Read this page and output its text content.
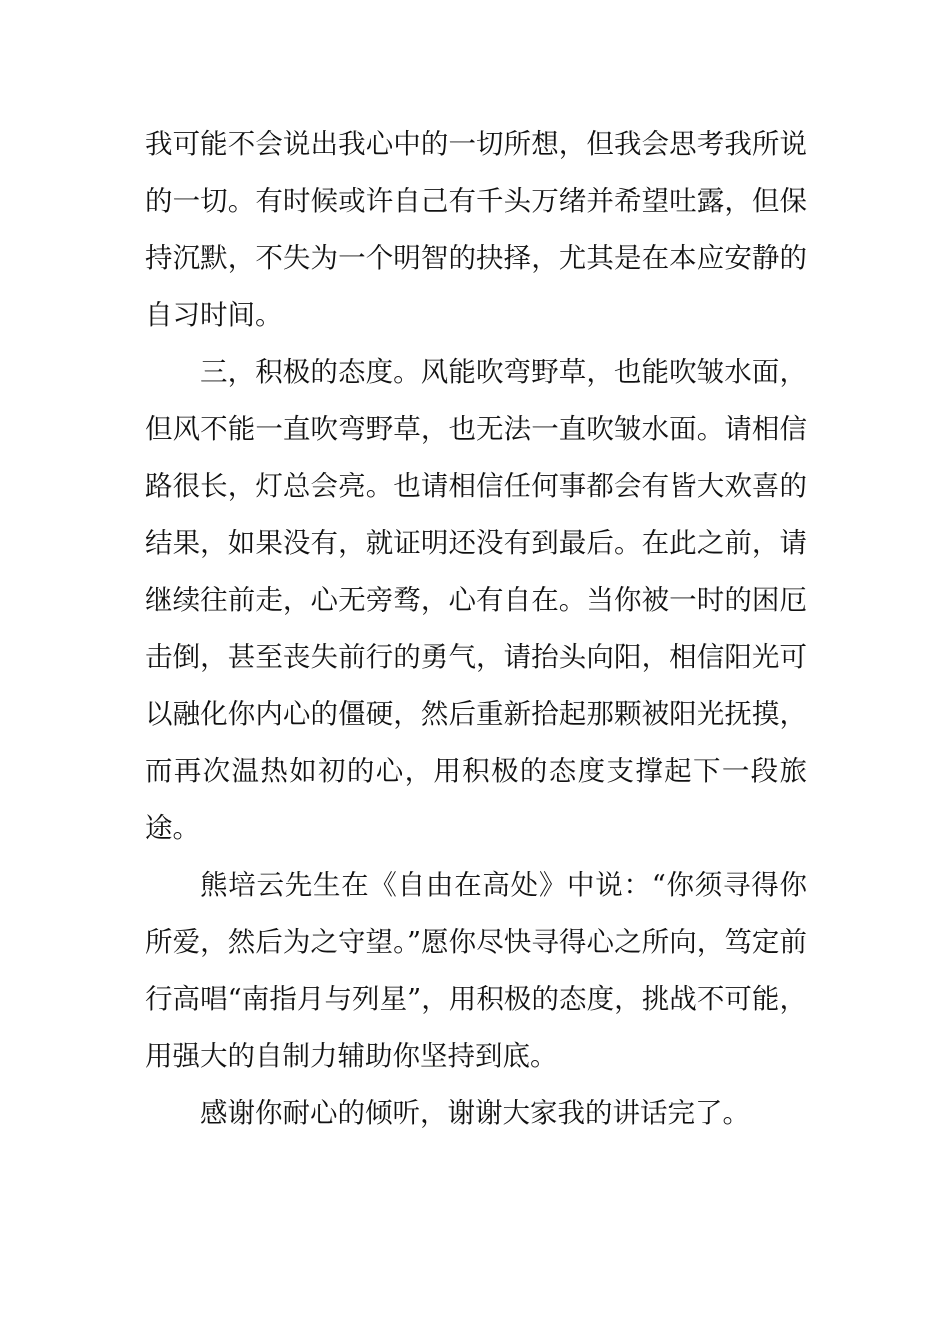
我可能不会说出我心中的一切所想，但我会思考我所说的一切。有时候或许自己有千头万绪并希望吐露，但保持沉默，不失为一个明智的抉择，尤其是在本应安静的自习时间。

三，积极的态度。风能吹弯野草，也能吹皱水面，但风不能一直吹弯野草，也无法一直吹皱水面。请相信路很长，灯总会亮。也请相信任何事都会有皆大欢喜的结果，如果没有，就证明还没有到最后。在此之前，请继续往前走，心无旁骛，心有自在。当你被一时的困厄击倒，甚至丧失前行的勇气，请抬头向阳，相信阳光可以融化你内心的僵硬，然后重新拾起那颗被阳光抚摸，而再次温热如初的心，用积极的态度支撑起下一段旅途。

熊培云先生在《自由在高处》中说：“你须寻得你所爱，然后为之守望。”愿你尽快寻得心之所向，笃定前行高唱“南指月与列星”，用积极的态度，挑战不可能，用强大的自制力辅助你坚持到底。

感谢你耐心的倾听，谢谢大家我的讲话完了。
